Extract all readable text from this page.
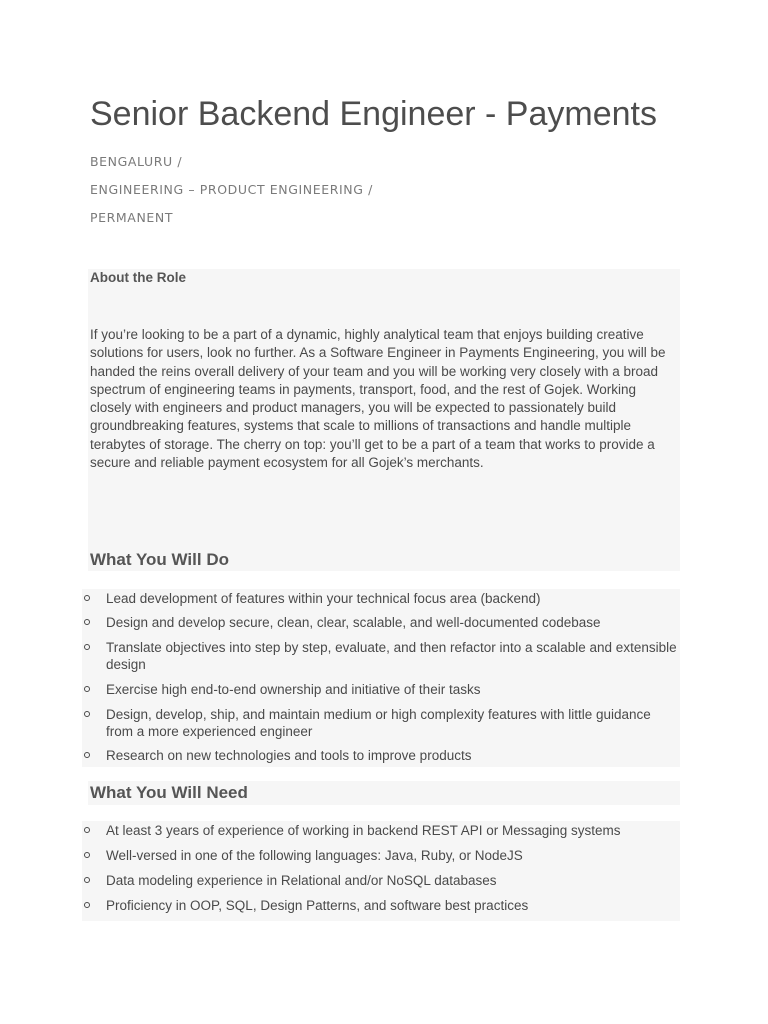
Senior Backend Engineer - Payments
BENGALURU /
ENGINEERING – PRODUCT ENGINEERING /
PERMANENT
About the Role

If you’re looking to be a part of a dynamic, highly analytical team that enjoys building creative solutions for users, look no further. As a Software Engineer in Payments Engineering, you will be handed the reins overall delivery of your team and you will be working very closely with a broad spectrum of engineering teams in payments, transport, food, and the rest of Gojek. Working closely with engineers and product managers, you will be expected to passionately build groundbreaking features, systems that scale to millions of transactions and handle multiple terabytes of storage. The cherry on top: you’ll get to be a part of a team that works to provide a secure and reliable payment ecosystem for all Gojek’s merchants.

What You Will Do
Lead development of features within your technical focus area (backend)
Design and develop secure, clean, clear, scalable, and well-documented codebase
Translate objectives into step by step, evaluate, and then refactor into a scalable and extensible design
Exercise high end-to-end ownership and initiative of their tasks
Design, develop, ship, and maintain medium or high complexity features with little guidance from a more experienced engineer
Research on new technologies and tools to improve products
What You Will Need
At least 3 years of experience of working in backend REST API or Messaging systems
Well-versed in one of the following languages: Java, Ruby, or NodeJS
Data modeling experience in Relational and/or NoSQL databases
Proficiency in OOP, SQL, Design Patterns, and software best practices
